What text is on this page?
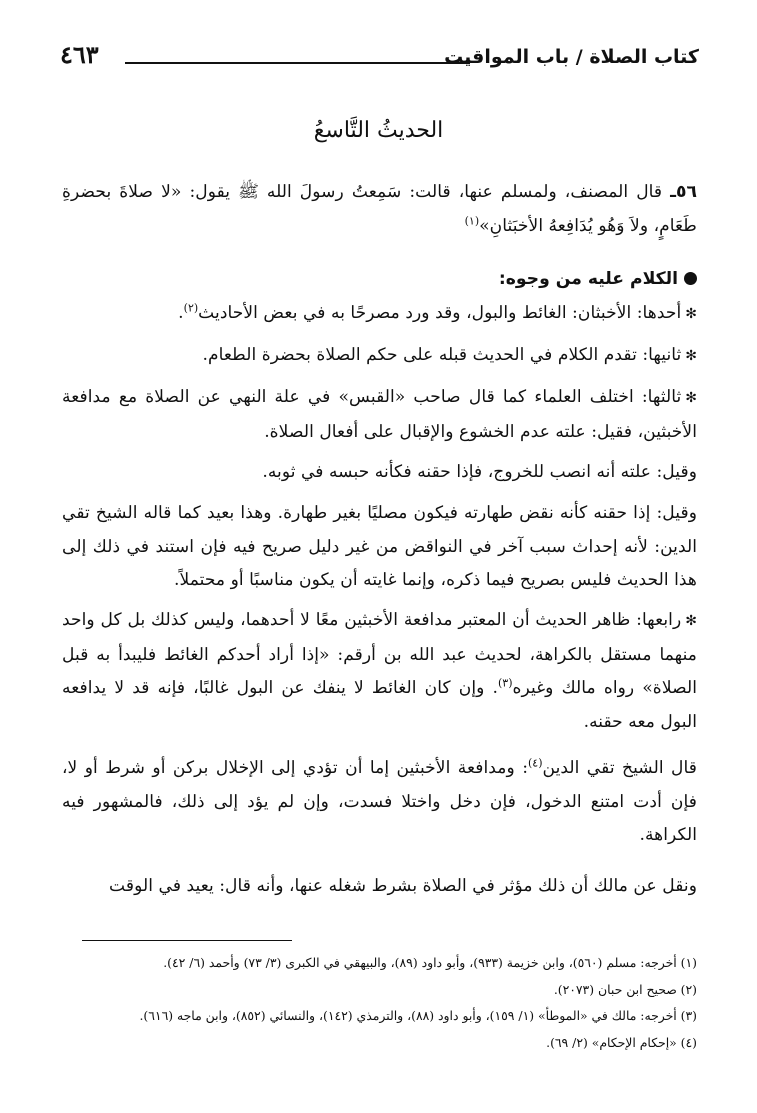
كتاب الصلاة / باب المواقيت
٤٦٣
الحديثُ التَّاسعُ
٥٦ـ قال المصنف، ولمسلم عنها، قالت: سَمِعتُ رسولَ الله ﷺ يقول: «لا صلاةَ بحضرةِ طَعَامٍ، ولاَ وَهُو يُدَافِعهُ الأخبَثانِ»$^{(١)}$
الكلام عليه من وجوه:
✻أحدها: الأخبثان: الغائط والبول، وقد ورد مصرحًا به في بعض الأحاديث$^{(٢)}$.
✻ثانيها: تقدم الكلام في الحديث قبله على حكم الصلاة بحضرة الطعام.
✻ثالثها: اختلف العلماء كما قال صاحب «القبس» في علة النهي عن الصلاة مع مدافعة الأخبثين، فقيل: علته عدم الخشوع والإقبال على أفعال الصلاة.
وقيل: علته أنه انصب للخروج، فإذا حقنه فكأنه حبسه في ثوبه.
وقيل: إذا حقنه كأنه نقض طهارته فيكون مصليًا بغير طهارة. وهذا بعيد كما قاله الشيخ تقي الدين: لأنه إحداث سبب آخر في النواقض من غير دليل صريح فيه فإن استند في ذلك إلى هذا الحديث فليس بصريح فيما ذكره، وإنما غايته أن يكون مناسبًا أو محتملاً.
✻رابعها: ظاهر الحديث أن المعتبر مدافعة الأخبثين معًا لا أحدهما، وليس كذلك بل كل واحد منهما مستقل بالكراهة، لحديث عبد الله بن أرقم: «إذا أراد أحدكم الغائط فليبدأ به قبل الصلاة» رواه مالك وغيره$^{(٣)}$. وإن كان الغائط لا ينفك عن البول غالبًا، فإنه قد لا يدافعه البول معه حقنه.
قال الشيخ تقي الدين$^{(٤)}$: ومدافعة الأخبثين إما أن تؤدي إلى الإخلال بركن أو شرط أو لا، فإن أدت امتنع الدخول، فإن دخل واختلا فسدت، وإن لم يؤد إلى ذلك، فالمشهور فيه الكراهة.
ونقل عن مالك أن ذلك مؤثر في الصلاة بشرط شغله عنها، وأنه قال: يعيد في الوقت
(١) أخرجه: مسلم (٥٦٠)، وابن خزيمة (٩٣٣)، وأبو داود (٨٩)، والبيهقي في الكبرى (٣/ ٧٣) وأحمد (٦/ ٤٢).
(٢) صحيح ابن حبان (٢٠٧٣).
(٣) أخرجه: مالك في «الموطأ» (١/ ١٥٩)، وأبو داود (٨٨)، والترمذي (١٤٢)، والنسائي (٨٥٢)، وابن ماجه (٦١٦).
(٤) «إحكام الإحكام» (٢/ ٦٩).
